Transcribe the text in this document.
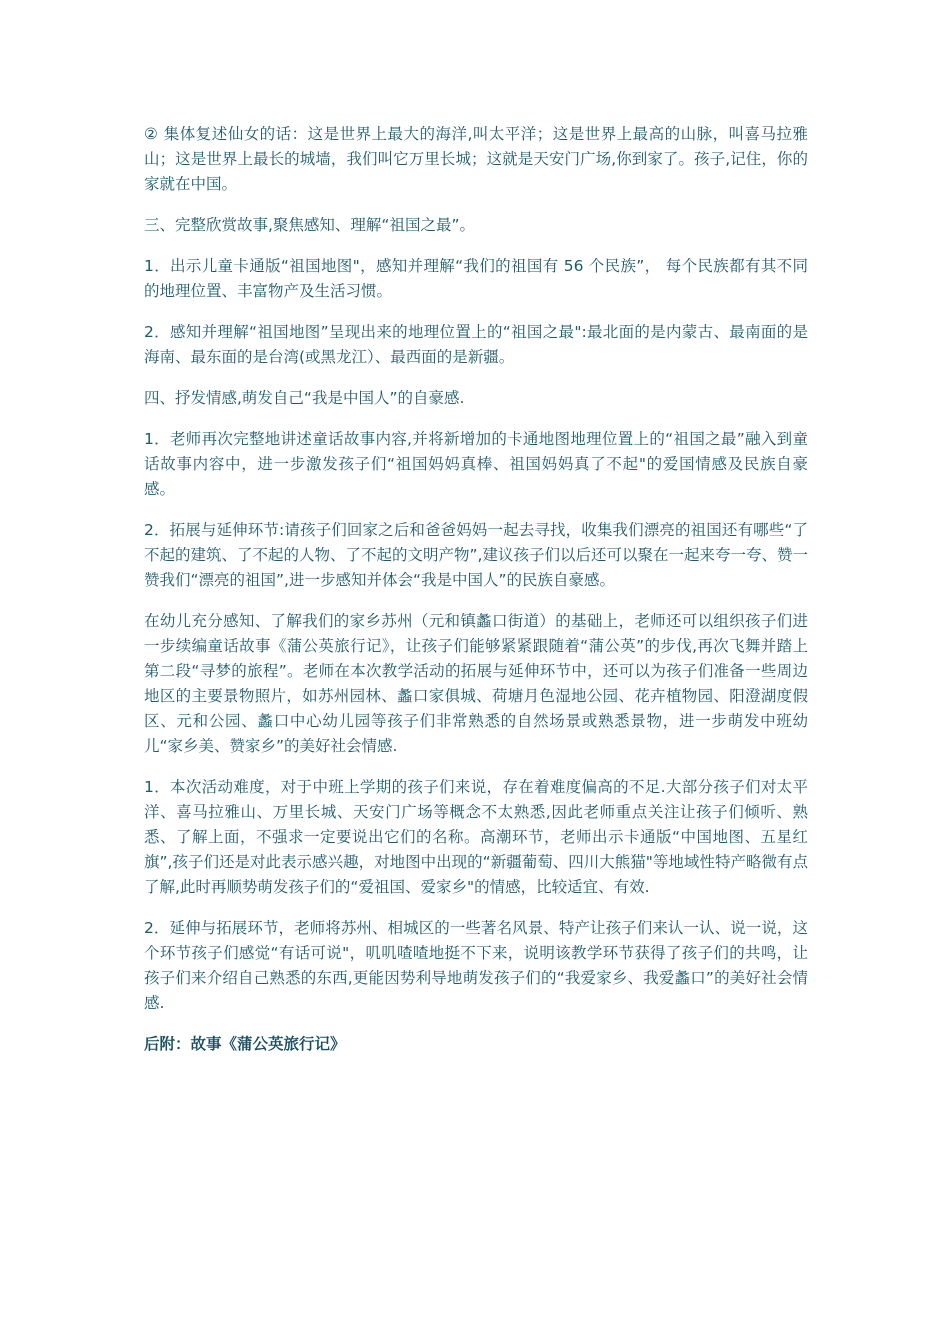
② 集体复述仙女的话：这是世界上最大的海洋,叫太平洋；这是世界上最高的山脉，叫喜马拉雅山；这是世界上最长的城墙，我们叫它万里长城；这就是天安门广场,你到家了。孩子,记住，你的家就在中国。

三、完整欣赏故事,聚焦感知、理解“祖国之最”。

1．出示儿童卡通版“祖国地图"，感知并理解“我们的祖国有 56 个民族”， 每个民族都有其不同的地理位置、丰富物产及生活习惯。

2．感知并理解“祖国地图”呈现出来的地理位置上的“祖国之最":最北面的是内蒙古、最南面的是海南、最东面的是台湾(或黑龙江）、最西面的是新疆。

四、抒发情感,萌发自己“我是中国人”的自豪感.

1．老师再次完整地讲述童话故事内容,并将新增加的卡通地图地理位置上的“祖国之最”融入到童话故事内容中，进一步激发孩子们“祖国妈妈真棒、祖国妈妈真了不起"的爱国情感及民族自豪感。

2．拓展与延伸环节:请孩子们回家之后和爸爸妈妈一起去寻找，收集我们漂亮的祖国还有哪些“了不起的建筑、了不起的人物、了不起的文明产物”,建议孩子们以后还可以聚在一起来夸一夸、赞一赞我们“漂亮的祖国”,进一步感知并体会“我是中国人”的民族自豪感。

在幼儿充分感知、了解我们的家乡苏州（元和镇蠡口街道）的基础上，老师还可以组织孩子们进一步续编童话故事《蒲公英旅行记》，让孩子们能够紧紧跟随着“蒲公英”的步伐,再次飞舞并踏上第二段“寻梦的旅程”。老师在本次教学活动的拓展与延伸环节中，还可以为孩子们准备一些周边地区的主要景物照片，如苏州园林、蠡口家俱城、荷塘月色湿地公园、花卉植物园、阳澄湖度假区、元和公园、蠡口中心幼儿园等孩子们非常熟悉的自然场景或熟悉景物，进一步萌发中班幼儿“家乡美、赞家乡”的美好社会情感.

1．本次活动难度，对于中班上学期的孩子们来说，存在着难度偏高的不足.大部分孩子们对太平洋、喜马拉雅山、万里长城、天安门广场等概念不太熟悉,因此老师重点关注让孩子们倾听、熟悉、了解上面，不强求一定要说出它们的名称。高潮环节，老师出示卡通版“中国地图、五星红旗”,孩子们还是对此表示感兴趣，对地图中出现的“新疆葡萄、四川大熊猫"等地域性特产略微有点了解,此时再顺势萌发孩子们的“爱祖国、爱家乡"的情感，比较适宜、有效.

2．延伸与拓展环节，老师将苏州、相城区的一些著名风景、特产让孩子们来认一认、说一说，这个环节孩子们感觉“有话可说"，叽叽喳喳地挺不下来，说明该教学环节获得了孩子们的共鸣，让孩子们来介绍自己熟悉的东西,更能因势利导地萌发孩子们的“我爱家乡、我爱蠡口”的美好社会情感.

后附：故事《蒲公英旅行记》
